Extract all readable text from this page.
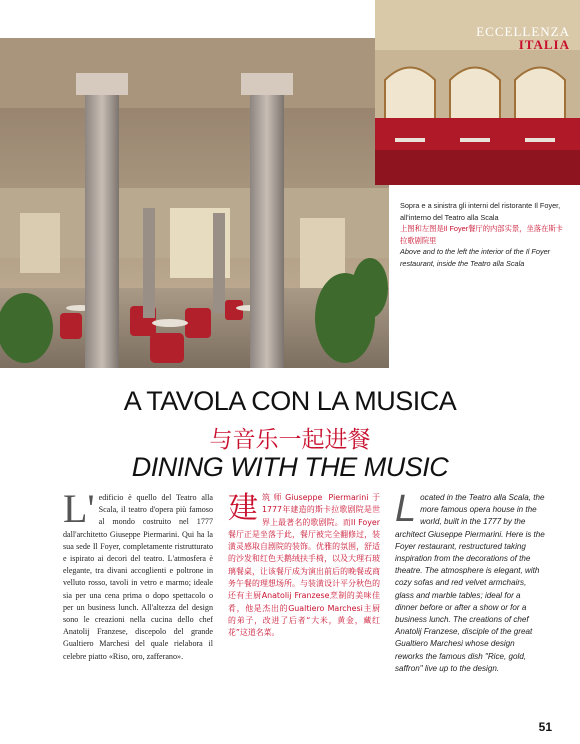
ECCELLENZA
ITALIA
Sopra e a sinistra gli interni del ristorante Il Foyer, all'interno del Teatro alla Scala
上图和左图是Il Foyer餐厅的内部实景，坐落在斯卡拉歌剧院里
Above and to the left the interior of the Il Foyer restaurant, inside the Teatro alla Scala
A TAVOLA CON LA MUSICA
与音乐一起进餐
DINING WITH THE MUSIC
L' edificio è quello del Teatro alla Scala, il teatro d'opera più famoso al mondo costruito nel 1777 dall'architetto Giuseppe Piermarini. Qui ha la sua sede Il Foyer, completamente ristrutturato e ispirato ai decori del teatro. L'atmosfera è elegante, tra divani accoglienti e poltrone in velluto rosso, tavoli in vetro e marmo; ideale sia per una cena prima o dopo spettacolo o per un business lunch. All'altezza del design sono le creazioni nella cucina dello chef Anatolij Franzese, discepolo del grande Gualtiero Marchesi del quale rielabora il celebre piatto «Riso, oro, zafferano».
建 筑师Giuseppe Piermarini于1777年建造的斯卡拉歌剧院是世界上最著名的歌剧院。而Il Foyer餐厅正是坐落于此，餐厅被完全翻修过，装潢灵感取自剧院的装饰。优雅的氛围，舒适的沙发和红色天鹅绒扶手椅，以及大理石玻璃餐桌，让该餐厅成为演出前后的晚餐或商务午餐的理想场所。与装潢设计平分秋色的还有主厨Anatolij Franzese烹制的美味佳肴，他是杰出的Gualtiero Marchesi主厨的弟子，改进了后者“大米，黄金，藏红花”这道名菜。
L ocated in the Teatro alla Scala, the more famous opera house in the world, built in the 1777 by the architect Giuseppe Piermarini. Here is the Foyer restaurant, restructured taking inspiration from the decorations of the theatre. The atmosphere is elegant, with cozy sofas and red velvet armchairs, glass and marble tables; ideal for a dinner before or after a show or for a business lunch. The creations of chef Anatolij Franzese, disciple of the great Gualtiero Marchesi whose design reworks the famous dish "Rice, gold, saffron" live up to the design.
51
